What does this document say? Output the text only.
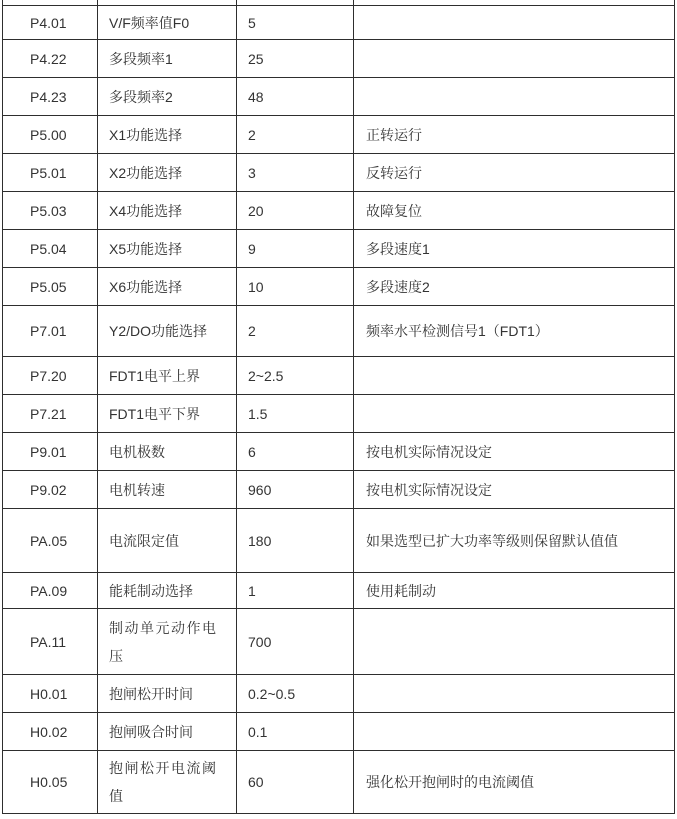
P4.01	V/F频率值F0	5	
P4.22	多段频率1	25	
P4.23	多段频率2	48	
P5.00	X1功能选择	2	正转运行
P5.01	X2功能选择	3	反转运行
P5.03	X4功能选择	20	故障复位
P5.04	X5功能选择	9	多段速度1
P5.05	X6功能选择	10	多段速度2
P7.01	Y2/DO功能选择	2	频率水平检测信号1（FDT1）
P7.20	FDT1电平上界	2~2.5	
P7.21	FDT1电平下界	1.5	
P9.01	电机极数	6	按电机实际情况设定
P9.02	电机转速	960	按电机实际情况设定
PA.05	电流限定值	180	如果选型已扩大功率等级则保留默认值值
PA.09	能耗制动选择	1	使用耗制动
PA.11	制动单元动作电压	700	
H0.01	抱闸松开时间	0.2~0.5	
H0.02	抱闸吸合时间	0.1	
H0.05	抱闸松开电流阈值	60	强化松开抱闸时的电流阈值
